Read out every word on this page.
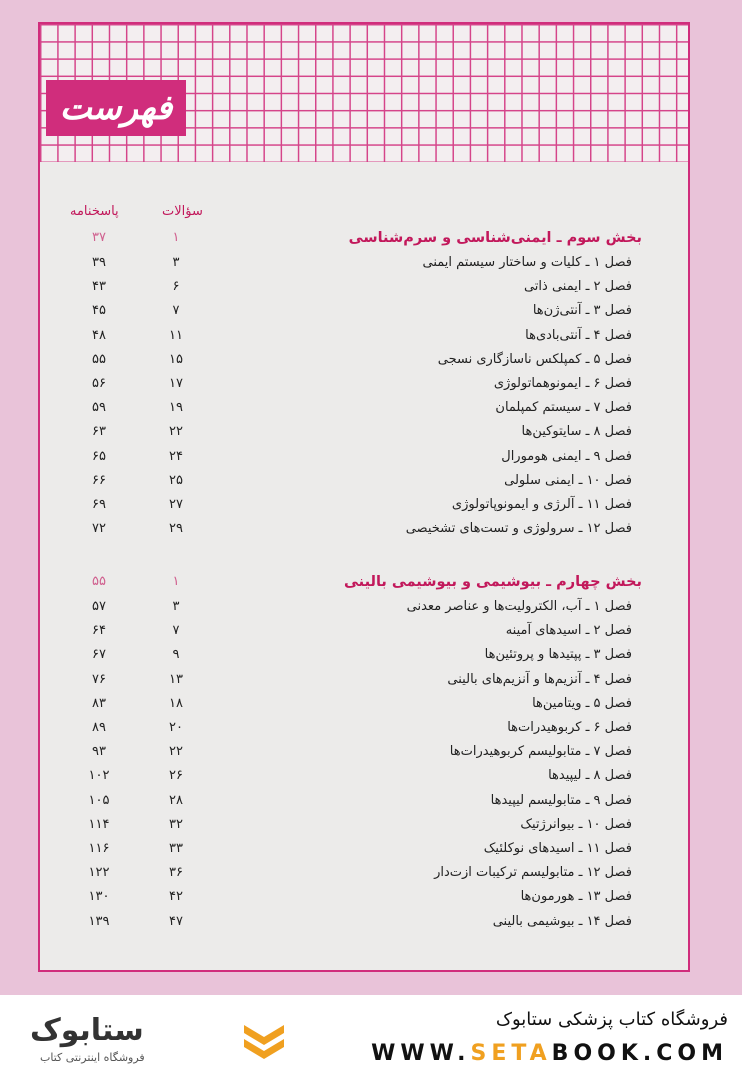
فهرست
سؤالات
پاسخنامه
۳۷	۱	بخش سوم ـ ایمنی‌شناسی و سرم‌شناسی
۳۹	۳	فصل ۱ ـ کلیات و ساختار سیستم ایمنی
۴۳	۶	فصل ۲ ـ ایمنی ذاتی
۴۵	۷	فصل ۳ ـ آنتی‌ژن‌ها
۴۸	۱۱	فصل ۴ ـ آنتی‌بادی‌ها
۵۵	۱۵	فصل ۵ ـ کمپلکس ناسازگاری نسجی
۵۶	۱۷	فصل ۶ ـ ایمونوهماتولوژی
۵۹	۱۹	فصل ۷ ـ سیستم کمپلمان
۶۳	۲۲	فصل ۸ ـ سایتوکین‌ها
۶۵	۲۴	فصل ۹ ـ ایمنی هومورال
۶۶	۲۵	فصل ۱۰ ـ ایمنی سلولی
۶۹	۲۷	فصل ۱۱ ـ آلرژی و ایمونوپاتولوژی
۷۲	۲۹	فصل ۱۲ ـ سرولوژی و تست‌های تشخیصی
۵۵	۱	بخش چهارم ـ بیوشیمی و بیوشیمی بالینی
۵۷	۳	فصل ۱ ـ آب، الکترولیت‌ها و عناصر معدنی
۶۴	۷	فصل ۲ ـ اسیدهای آمینه
۶۷	۹	فصل ۳ ـ پپتیدها و پروتئین‌ها
۷۶	۱۳	فصل ۴ ـ آنزیم‌ها و آنزیم‌های بالینی
۸۳	۱۸	فصل ۵ ـ ویتامین‌ها
۸۹	۲۰	فصل ۶ ـ کربوهیدرات‌ها
۹۳	۲۲	فصل ۷ ـ متابولیسم کربوهیدرات‌ها
۱۰۲	۲۶	فصل ۸ ـ لیپیدها
۱۰۵	۲۸	فصل ۹ ـ متابولیسم لیپیدها
۱۱۴	۳۲	فصل ۱۰ ـ بیوانرژتیک
۱۱۶	۳۳	فصل ۱۱ ـ اسیدهای نوکلئیک
۱۲۲	۳۶	فصل ۱۲ ـ متابولیسم ترکیبات ازت‌دار
۱۳۰	۴۲	فصل ۱۳ ـ هورمون‌ها
۱۳۹	۴۷	فصل ۱۴ ـ بیوشیمی بالینی
ستابوک
فروشگاه اینترنتی کتاب
فروشگاه کتاب پزشکی ستابوک
WWW.SETABOOK.COM
